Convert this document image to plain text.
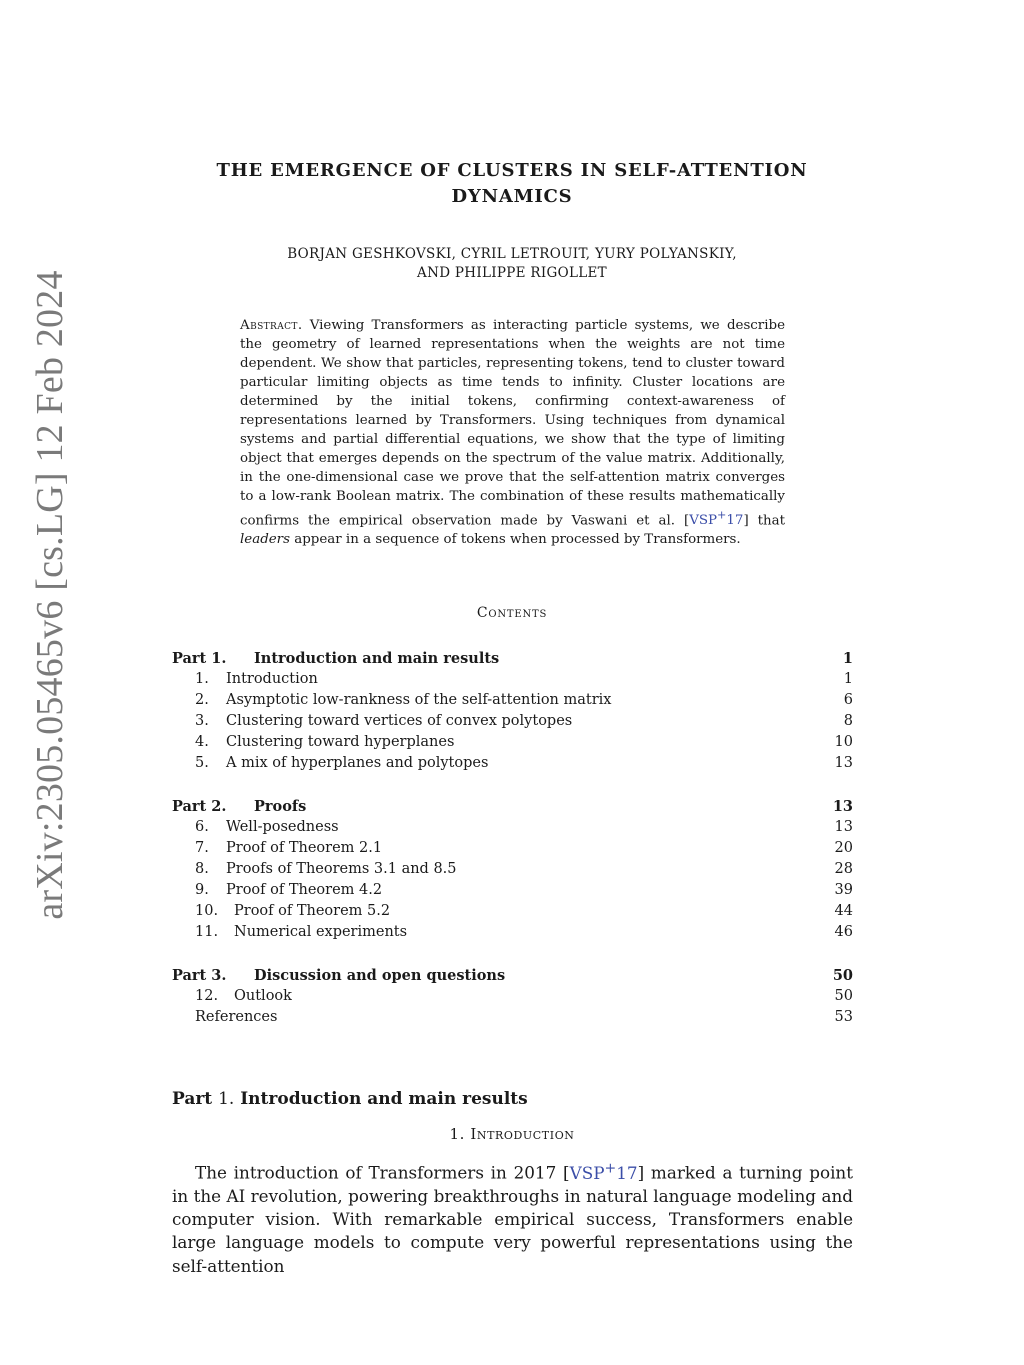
arXiv:2305.05465v6 [cs.LG] 12 Feb 2024
THE EMERGENCE OF CLUSTERS IN SELF-ATTENTION
DYNAMICS
BORJAN GESHKOVSKI, CYRIL LETROUIT, YURY POLYANSKIY,
AND PHILIPPE RIGOLLET
Abstract. Viewing Transformers as interacting particle systems, we describe the geometry of learned representations when the weights are not time dependent. We show that particles, representing tokens, tend to cluster toward particular limiting objects as time tends to infinity. Cluster locations are determined by the initial tokens, confirming context-awareness of representations learned by Transformers. Using techniques from dynamical systems and partial differential equations, we show that the type of limiting object that emerges depends on the spectrum of the value matrix. Additionally, in the one-dimensional case we prove that the self-attention matrix converges to a low-rank Boolean matrix. The combination of these results mathematically confirms the empirical observation made by Vaswani et al. [VSP+17] that leaders appear in a sequence of tokens when processed by Transformers.
Contents
Part 1. Introduction and main results	1
1. Introduction	1
2. Asymptotic low-rankness of the self-attention matrix	6
3. Clustering toward vertices of convex polytopes	8
4. Clustering toward hyperplanes	10
5. A mix of hyperplanes and polytopes	13
Part 2. Proofs	13
6. Well-posedness	13
7. Proof of Theorem 2.1	20
8. Proofs of Theorems 3.1 and 8.5	28
9. Proof of Theorem 4.2	39
10. Proof of Theorem 5.2	44
11. Numerical experiments	46
Part 3. Discussion and open questions	50
12. Outlook	50
References	53
Part 1. Introduction and main results
1. Introduction
The introduction of Transformers in 2017 [VSP+17] marked a turning point in the AI revolution, powering breakthroughs in natural language modeling and computer vision. With remarkable empirical success, Transformers enable large language models to compute very powerful representations using the self-attention
